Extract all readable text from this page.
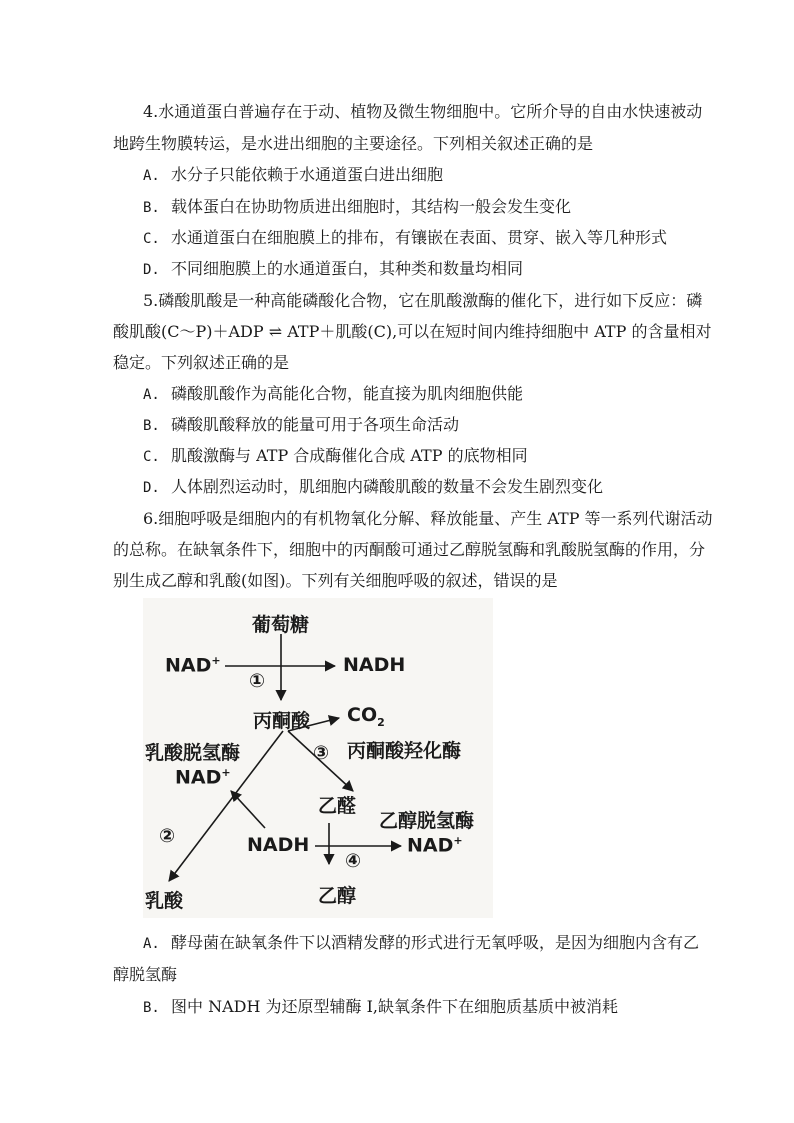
4.水通道蛋白普遍存在于动、植物及微生物细胞中。它所介导的自由水快速被动
地跨生物膜转运，是水进出细胞的主要途径。下列相关叙述正确的是
A. 水分子只能依赖于水通道蛋白进出细胞
B. 载体蛋白在协助物质进出细胞时，其结构一般会发生变化
C. 水通道蛋白在细胞膜上的排布，有镶嵌在表面、贯穿、嵌入等几种形式
D. 不同细胞膜上的水通道蛋白，其种类和数量均相同
5.磷酸肌酸是一种高能磷酸化合物，它在肌酸激酶的催化下，进行如下反应：磷
酸肌酸(C～P)＋ADP ⇌ ATP＋肌酸(C),可以在短时间内维持细胞中 ATP 的含量相对
稳定。下列叙述正确的是
A. 磷酸肌酸作为高能化合物，能直接为肌肉细胞供能
B. 磷酸肌酸释放的能量可用于各项生命活动
C. 肌酸激酶与 ATP 合成酶催化合成 ATP 的底物相同
D. 人体剧烈运动时，肌细胞内磷酸肌酸的数量不会发生剧烈变化
6.细胞呼吸是细胞内的有机物氧化分解、释放能量、产生 ATP 等一系列代谢活动
的总称。在缺氧条件下，细胞中的丙酮酸可通过乙醇脱氢酶和乳酸脱氢酶的作用，分
别生成乙醇和乳酸(如图)。下列有关细胞呼吸的叙述，错误的是
葡萄糖
NAD+	NADH
①
丙酮酸 $CO_2$
③ 丙酮酸羟化酶
乳酸脱氢酶
NAD+
乙醛
乙醇脱氢酶
②	NADH	NAD+
④
乙醇
乳酸
A. 酵母菌在缺氧条件下以酒精发酵的形式进行无氧呼吸，是因为细胞内含有乙
醇脱氢酶
B. 图中 NADH 为还原型辅酶 I,缺氧条件下在细胞质基质中被消耗
